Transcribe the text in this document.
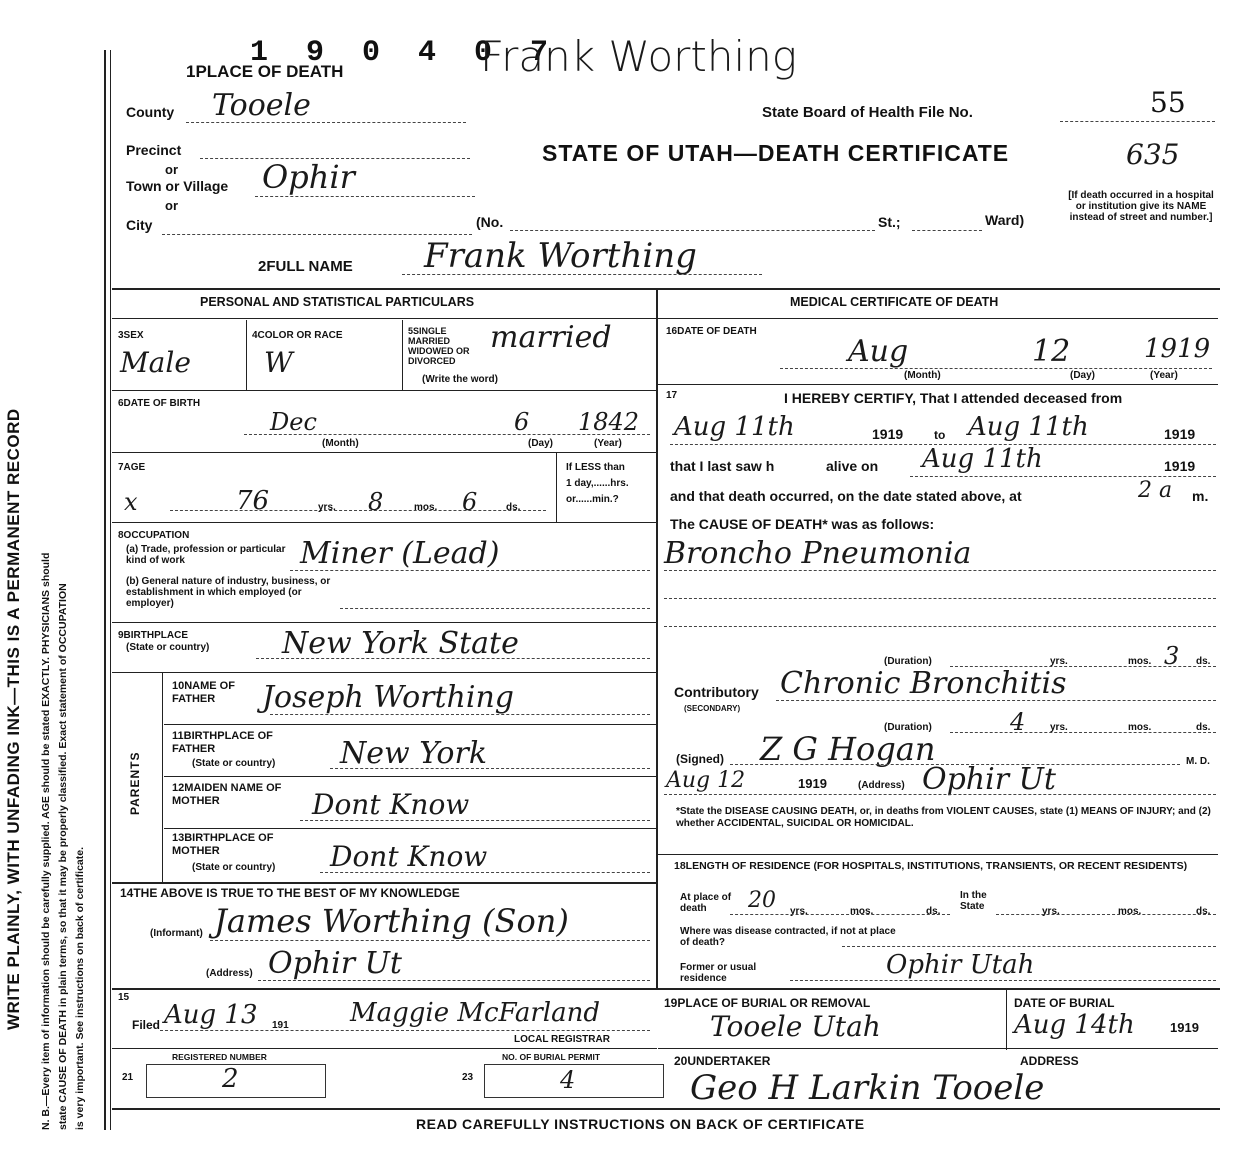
WRITE PLAINLY, WITH UNFADING INK—THIS IS A PERMANENT RECORD N. B.—Every item of information should be carefully supplied. AGE should be stated EXACTLY. PHYSICIANS should state CAUSE OF DEATH in plain terms, so that it may be properly classified. Exact statement of OCCUPATION is very important. See instructions on back of certificate.
1 9 0 4 0 7
Frank Worthing
1PLACE OF DEATH
County Tooele	State Board of Health File No.	55
Precinct
or
Town or Village Ophir
or
STATE OF UTAH—DEATH CERTIFICATE	635
City	(No.	St.;	Ward)
[If death occurred in a hospital or institution give its NAME instead of street and number.]
2FULL NAME Frank Worthing
PERSONAL AND STATISTICAL PARTICULARS	MEDICAL CERTIFICATE OF DEATH
3SEX
Male
4COLOR OR RACE
W
5SINGLE MARRIED WIDOWED OR DIVORCED
(Write the word)
married
6DATE OF BIRTH
Dec	6 1842
(Month)	(Day)	(Year)
7AGE
x	76	yrs. 8	mos. 6	ds.
If LESS than
1 day,......hrs.
or......min.?
8OCCUPATION
(a) Trade, profession or particular kind of work
(b) General nature of industry, business, or establishment in which employed (or employer)
Miner (Lead)
9BIRTHPLACE
(State or country) New York State
PARENTS
10NAME OF FATHER	Joseph Worthing
11BIRTHPLACE OF FATHER
(State or country) New York
12MAIDEN NAME OF MOTHER	Dont Know
13BIRTHPLACE OF MOTHER
(State or country) Dont Know
14THE ABOVE IS TRUE TO THE BEST OF MY KNOWLEDGE
(Informant) James Worthing (Son)
(Address) Ophir Ut
15
Filed Aug 13 191 Maggie McFarland
LOCAL REGISTRAR
REGISTERED NUMBER
21	2
NO. OF BURIAL PERMIT
23	4
16DATE OF DEATH
Aug	12	1919
(Month)	(Day)	(Year)
17	I HEREBY CERTIFY, That I attended deceased from
Aug 11th	1919	to Aug 11th	1919
that I last saw h	alive on Aug 11th	1919
and that death occurred, on the date stated above, at	2 a m.
The CAUSE OF DEATH* was as follows:
Broncho Pneumonia
(Duration)	yrs.	mos. 3 ds.
Contributory
(SECONDARY)
Chronic Bronchitis
(Duration)	4 yrs.	mos.	ds.
(Signed) Z G Hogan	M. D.
Aug 12	1919	(Address) Ophir Ut
*State the DISEASE CAUSING DEATH, or, in deaths from VIOLENT CAUSES, state (1) MEANS OF INJURY; and (2) whether ACCIDENTAL, SUICIDAL OR HOMICIDAL.
18LENGTH OF RESIDENCE (FOR HOSPITALS, INSTITUTIONS, TRANSIENTS, OR RECENT RESIDENTS)
At place of death	20 yrs.	mos.	ds.
In the State	yrs.	mos.	ds.
Where was disease contracted, if not at place of death?
Former or usual residence	Ophir Utah
19PLACE OF BURIAL OR REMOVAL
Tooele Utah
DATE OF BURIAL
Aug 14th	1919
20UNDERTAKER	ADDRESS
Geo H Larkin Tooele
READ CAREFULLY INSTRUCTIONS ON BACK OF CERTIFICATE
